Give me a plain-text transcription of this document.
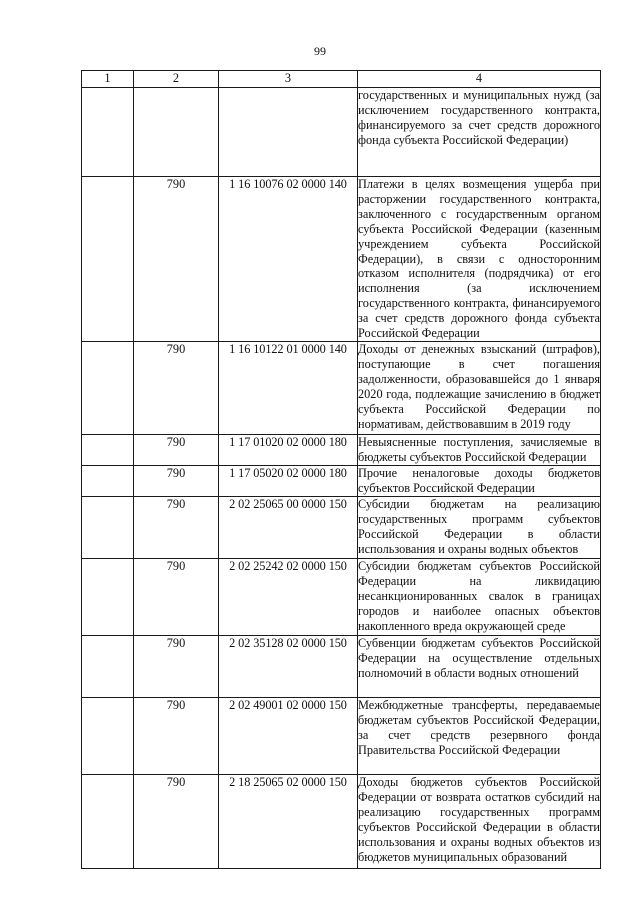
99
1	2	3	4

			государственных и муниципальных нужд (за исключением государственного контракта, финансируемого за счет средств дорожного фонда субъекта Российской Федерации)

	790	1 16 10076 02 0000 140	Платежи в целях возмещения ущерба при расторжении государственного контракта, заключенного с государственным органом субъекта Российской Федерации (казенным учреждением субъекта Российской Федерации), в связи с односторонним отказом исполнителя (подрядчика) от его исполнения (за исключением государственного контракта, финансируемого за счет средств дорожного фонда субъекта Российской Федерации

	790	1 16 10122 01 0000 140	Доходы от денежных взысканий (штрафов), поступающие в счет погашения задолженности, образовавшейся до 1 января 2020 года, подлежащие зачислению в бюджет субъекта Российской Федерации по нормативам, действовавшим в 2019 году

	790	1 17 01020 02 0000 180	Невыясненные поступления, зачисляемые в бюджеты субъектов Российской Федерации

	790	1 17 05020 02 0000 180	Прочие неналоговые доходы бюджетов субъектов Российской Федерации

	790	2 02 25065 00 0000 150	Субсидии бюджетам на реализацию государственных программ субъектов Российской Федерации в области использования и охраны водных объектов

	790	2 02 25242 02 0000 150	Субсидии бюджетам субъектов Российской Федерации на ликвидацию несанкционированных свалок в границах городов и наиболее опасных объектов накопленного вреда окружающей среде

	790	2 02 35128 02 0000 150	Субвенции бюджетам субъектов Российской Федерации на осуществление отдельных полномочий в области водных отношений

	790	2 02 49001 02 0000 150	Межбюджетные трансферты, передаваемые бюджетам субъектов Российской Федерации, за счет средств резервного фонда Правительства Российской Федерации

	790	2 18 25065 02 0000 150	Доходы бюджетов субъектов Российской Федерации от возврата остатков субсидий на реализацию государственных программ субъектов Российской Федерации в области использования и охраны водных объектов из бюджетов муниципальных образований
